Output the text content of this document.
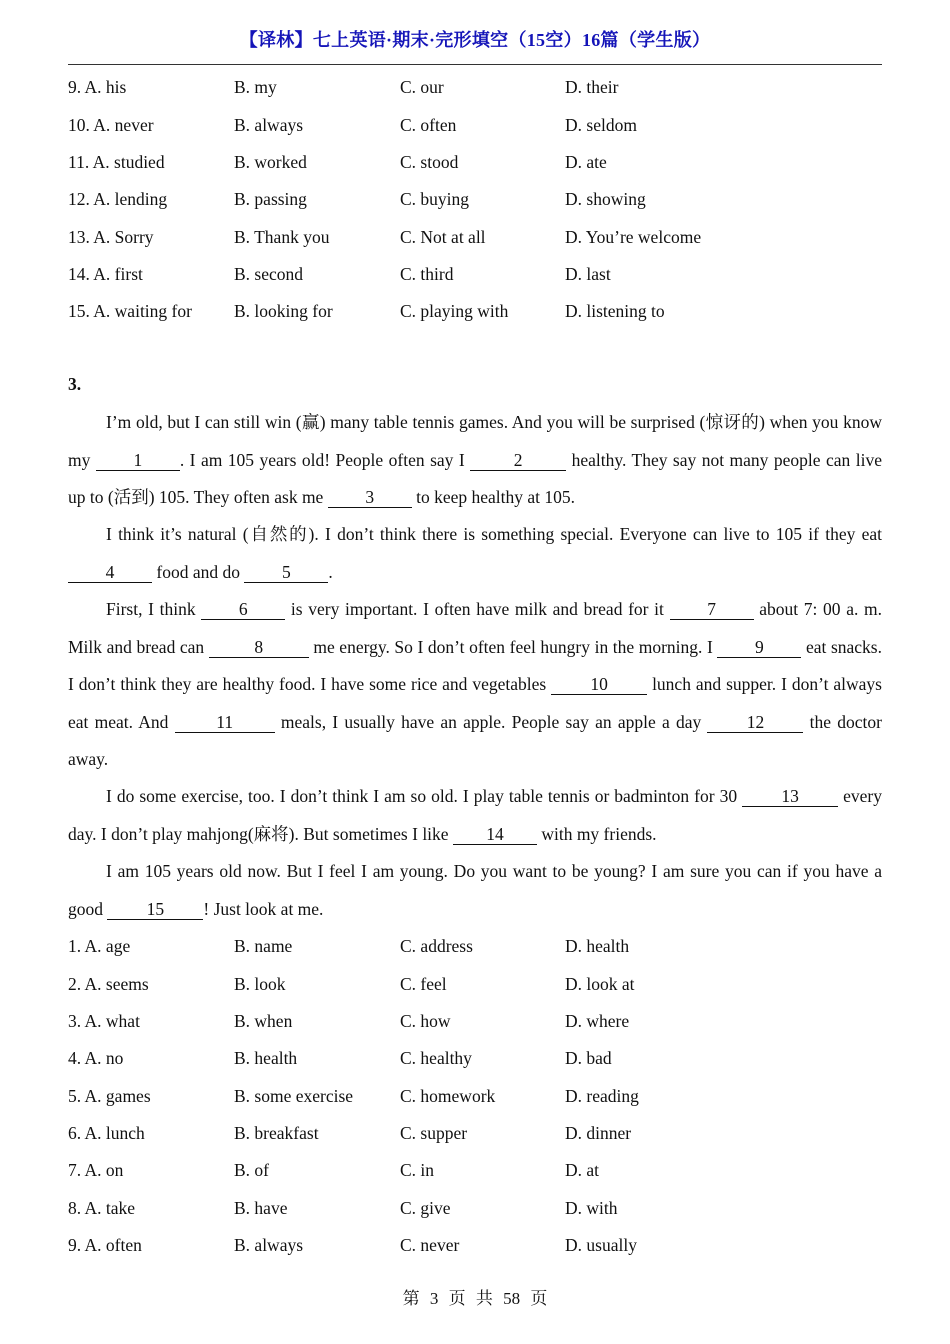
【译林】七上英语·期末·完形填空（15空）16篇（学生版）
9. A. his	B. my	C. our	D. their
10. A. never	B. always	C. often	D. seldom
11. A. studied	B. worked	C. stood	D. ate
12. A. lending	B. passing	C. buying	D. showing
13. A. Sorry	B. Thank you	C. Not at all	D. You’re welcome
14. A. first	B. second	C. third	D. last
15. A. waiting for B. looking for	C. playing with	D. listening to
3.
I’m old, but I can still win (赢) many table tennis games. And you will be surprised (惊讶的) when you know my 1 . I am 105 years old! People often say I 2 healthy. They say not many people can live up to (活到) 105. They often ask me 3 to keep healthy at 105.
I think it’s natural (自然的). I don’t think there is something special. Everyone can live to 105 if they eat 4 food and do 5 .
First, I think 6 is very important. I often have milk and bread for it 7 about 7: 00 a. m. Milk and bread can	8	me energy. So I don’t often feel hungry in the morning. I 9 eat snacks. I don’t think they are healthy food. I have some rice and vegetables 10 lunch and supper. I don’t always eat meat. And 11 meals, I usually have an apple. People say an apple a day 12 the doctor away.
I do some exercise, too. I don’t think I am so old. I play table tennis or badminton for 30 13 every day. I don’t play mahjong(麻将). But sometimes I like 14 with my friends.
I am 105 years old now. But I feel I am young. Do you want to be young? I am sure you can if you have a good 15 ! Just look at me.
1. A. age	B. name	C. address	D. health
2. A. seems	B. look	C. feel	D. look at
3. A. what	B. when	C. how	D. where
4. A. no	B. health	C. healthy	D. bad
5. A. games	B. some exercise	C. homework	D. reading
6. A. lunch	B. breakfast	C. supper	D. dinner
7. A. on	B. of	C. in	D. at
8. A. take	B. have	C. give	D. with
9. A. often	B. always	C. never	D. usually
第 3 页 共 58 页
